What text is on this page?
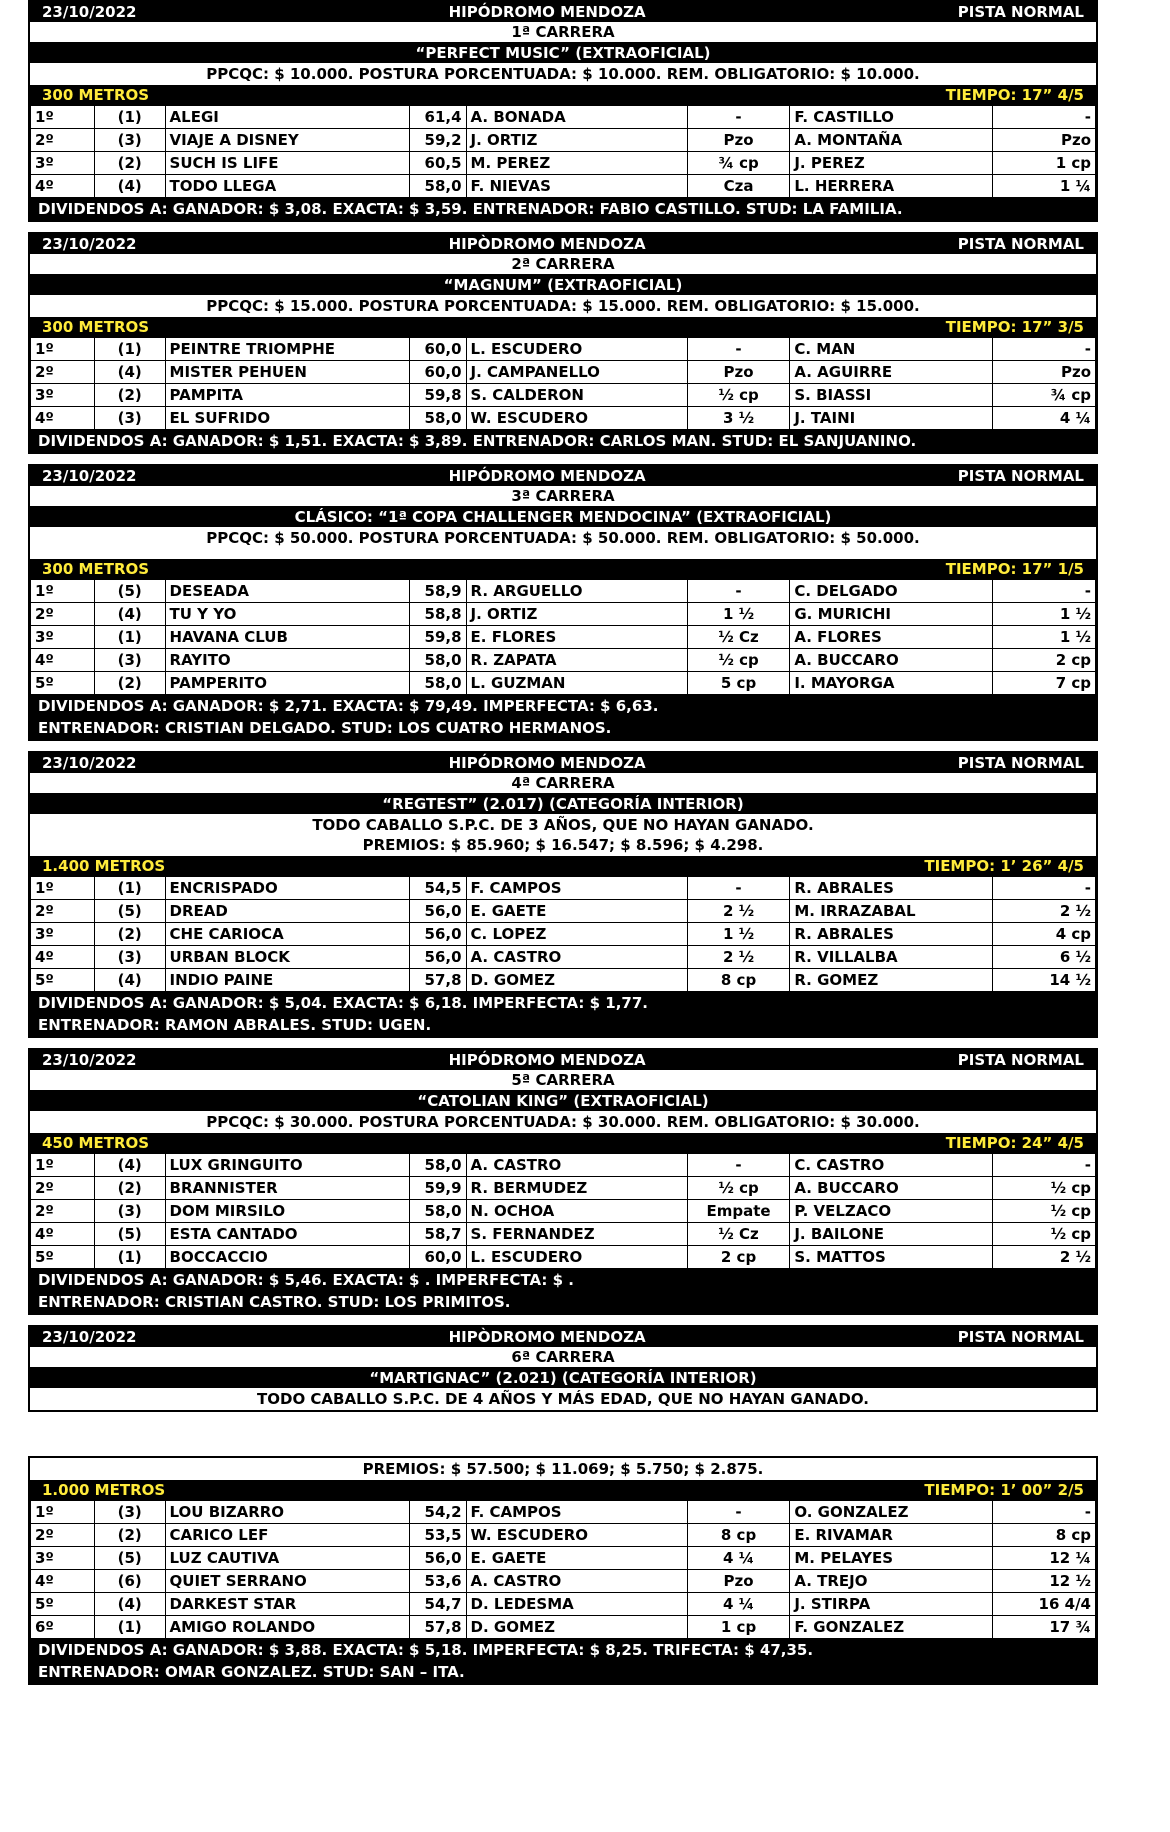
23/10/2022	HIPÓDROMO MENDOZA	PISTA NORMAL
1ª CARRERA
“PERFECT MUSIC” (EXTRAOFICIAL)
PPCQC: $ 10.000. POSTURA PORCENTUADA: $ 10.000. REM. OBLIGATORIO: $ 10.000.
300 METROS	TIEMPO: 17” 4/5
1º	(1)	ALEGI	61,4	A. BONADA	-	F. CASTILLO	-
2º	(3)	VIAJE A DISNEY	59,2	J. ORTIZ	Pzo	A. MONTAÑA	Pzo
3º	(2)	SUCH IS LIFE	60,5	M. PEREZ	¾ cp	J. PEREZ	1 cp
4º	(4)	TODO LLEGA	58,0	F. NIEVAS	Cza	L. HERRERA	1 ¼
DIVIDENDOS A: GANADOR: $ 3,08. EXACTA: $ 3,59. ENTRENADOR: FABIO CASTILLO. STUD: LA FAMILIA.
23/10/2022	HIPÒDROMO MENDOZA	PISTA NORMAL
2ª CARRERA
“MAGNUM” (EXTRAOFICIAL)
PPCQC: $ 15.000. POSTURA PORCENTUADA: $ 15.000. REM. OBLIGATORIO: $ 15.000.
300 METROS	TIEMPO: 17” 3/5
1º	(1)	PEINTRE TRIOMPHE	60,0	L. ESCUDERO	-	C. MAN	-
2º	(4)	MISTER PEHUEN	60,0	J. CAMPANELLO	Pzo	A. AGUIRRE	Pzo
3º	(2)	PAMPITA	59,8	S. CALDERON	½ cp	S. BIASSI	¾ cp
4º	(3)	EL SUFRIDO	58,0	W. ESCUDERO	3 ½	J. TAINI	4 ¼
DIVIDENDOS A: GANADOR: $ 1,51. EXACTA: $ 3,89. ENTRENADOR: CARLOS MAN. STUD: EL SANJUANINO.
23/10/2022	HIPÓDROMO MENDOZA	PISTA NORMAL
3ª CARRERA
CLÁSICO: “1ª COPA CHALLENGER MENDOCINA” (EXTRAOFICIAL)
PPCQC: $ 50.000. POSTURA PORCENTUADA: $ 50.000. REM. OBLIGATORIO: $ 50.000.
300 METROS	TIEMPO: 17” 1/5
1º	(5)	DESEADA	58,9	R. ARGUELLO	-	C. DELGADO	-
2º	(4)	TU Y YO	58,8	J. ORTIZ	1 ½	G. MURICHI	1 ½
3º	(1)	HAVANA CLUB	59,8	E. FLORES	½ Cz	A. FLORES	1 ½
4º	(3)	RAYITO	58,0	R. ZAPATA	½ cp	A. BUCCARO	2 cp
5º	(2)	PAMPERITO	58,0	L. GUZMAN	5 cp	I. MAYORGA	7 cp
DIVIDENDOS A: GANADOR: $ 2,71. EXACTA: $ 79,49. IMPERFECTA: $ 6,63.
ENTRENADOR: CRISTIAN DELGADO. STUD: LOS CUATRO HERMANOS.
23/10/2022	HIPÓDROMO MENDOZA	PISTA NORMAL
4ª CARRERA
“REGTEST” (2.017) (CATEGORÍA INTERIOR)
TODO CABALLO S.P.C. DE 3 AÑOS, QUE NO HAYAN GANADO.
PREMIOS: $ 85.960; $ 16.547; $ 8.596; $ 4.298.
1.400 METROS	TIEMPO: 1’ 26” 4/5
1º	(1)	ENCRISPADO	54,5	F. CAMPOS	-	R. ABRALES	-
2º	(5)	DREAD	56,0	E. GAETE	2 ½	M. IRRAZABAL	2 ½
3º	(2)	CHE CARIOCA	56,0	C. LOPEZ	1 ½	R. ABRALES	4 cp
4º	(3)	URBAN BLOCK	56,0	A. CASTRO	2 ½	R. VILLALBA	6 ½
5º	(4)	INDIO PAINE	57,8	D. GOMEZ	8 cp	R. GOMEZ	14 ½
DIVIDENDOS A: GANADOR: $ 5,04. EXACTA: $ 6,18. IMPERFECTA: $ 1,77.
ENTRENADOR: RAMON ABRALES. STUD: UGEN.
23/10/2022	HIPÓDROMO MENDOZA	PISTA NORMAL
5ª CARRERA
“CATOLIAN KING” (EXTRAOFICIAL)
PPCQC: $ 30.000. POSTURA PORCENTUADA: $ 30.000. REM. OBLIGATORIO: $ 30.000.
450 METROS	TIEMPO: 24” 4/5
1º	(4)	LUX GRINGUITO	58,0	A. CASTRO	-	C. CASTRO	-
2º	(2)	BRANNISTER	59,9	R. BERMUDEZ	½ cp	A. BUCCARO	½ cp
2º	(3)	DOM MIRSILO	58,0	N. OCHOA	Empate	P. VELZACO	½ cp
4º	(5)	ESTA CANTADO	58,7	S. FERNANDEZ	½ Cz	J. BAILONE	½ cp
5º	(1)	BOCCACCIO	60,0	L. ESCUDERO	2 cp	S. MATTOS	2 ½
DIVIDENDOS A: GANADOR: $ 5,46. EXACTA: $ . IMPERFECTA: $ .
ENTRENADOR: CRISTIAN CASTRO. STUD: LOS PRIMITOS.
23/10/2022	HIPÒDROMO MENDOZA	PISTA NORMAL
6ª CARRERA
“MARTIGNAC” (2.021) (CATEGORÍA INTERIOR)
TODO CABALLO S.P.C. DE 4 AÑOS Y MÁS EDAD, QUE NO HAYAN GANADO.
PREMIOS: $ 57.500; $ 11.069; $ 5.750; $ 2.875.
1.000 METROS	TIEMPO: 1’ 00” 2/5
1º	(3)	LOU BIZARRO	54,2	F. CAMPOS	-	O. GONZALEZ	-
2º	(2)	CARICO LEF	53,5	W. ESCUDERO	8 cp	E. RIVAMAR	8 cp
3º	(5)	LUZ CAUTIVA	56,0	E. GAETE	4 ¼	M. PELAYES	12 ¼
4º	(6)	QUIET SERRANO	53,6	A. CASTRO	Pzo	A. TREJO	12 ½
5º	(4)	DARKEST STAR	54,7	D. LEDESMA	4 ¼	J. STIRPA	16 4/4
6º	(1)	AMIGO ROLANDO	57,8	D. GOMEZ	1 cp	F. GONZALEZ	17 ¾
DIVIDENDOS A: GANADOR: $ 3,88. EXACTA: $ 5,18. IMPERFECTA: $ 8,25. TRIFECTA: $ 47,35.
ENTRENADOR: OMAR GONZALEZ. STUD: SAN – ITA.
